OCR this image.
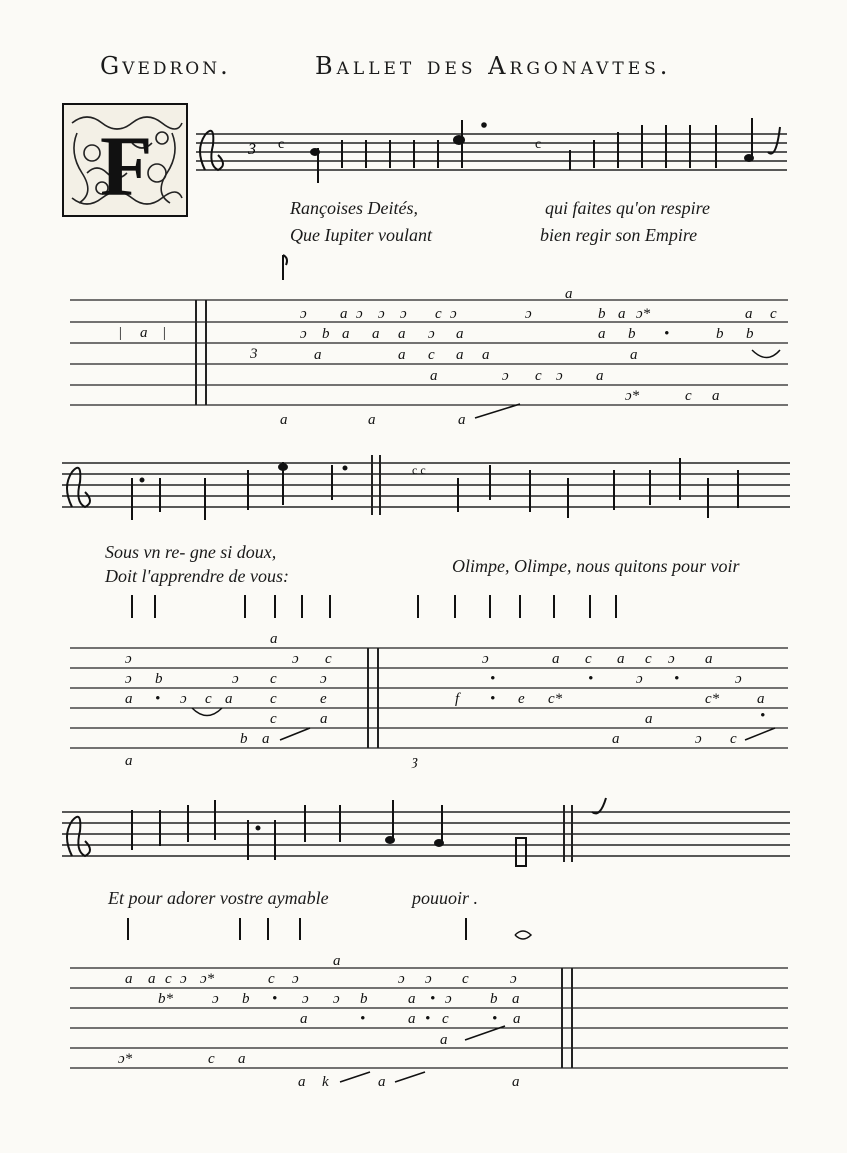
Gvedron.	Ballet des Argonavtes.
F	3 c	c
Rançoises Deités,	qui faites qu'on respire
Que Iupiter voulant	bien regir son Empire
| a |
3
ɔ a ɔ ɔ ɔ c ɔ	ɔ	b a ɔ*	a c
a
ɔ b a a a ɔ a	a b •	b b
a	a c a a	a
a	ɔ c ɔ a
ɔ*	c a
a	a	a
c c
Sous vn re- gne si doux,
Doit l'apprendre de vous:	Olimpe, Olimpe, nous quitons pour voir
a
ɔ	ɔ c	ɔ	a c a c ɔ a
ɔ b	ɔ c	ɔ	•	•	ɔ •	ɔ
a • ɔ c a	c	e	f • e c*	c*	a
c	a	a	•
b a	a	ɔ c
a	ȝ
Et pour adorer vostre aymable	pouuoir .
a
a a c ɔ ɔ*	c ɔ	ɔ ɔ c	ɔ
b*	ɔ b • ɔ ɔ b	a • ɔ	b a
a	•	a • c	• a
a
ɔ*	c a
a k	a	a
